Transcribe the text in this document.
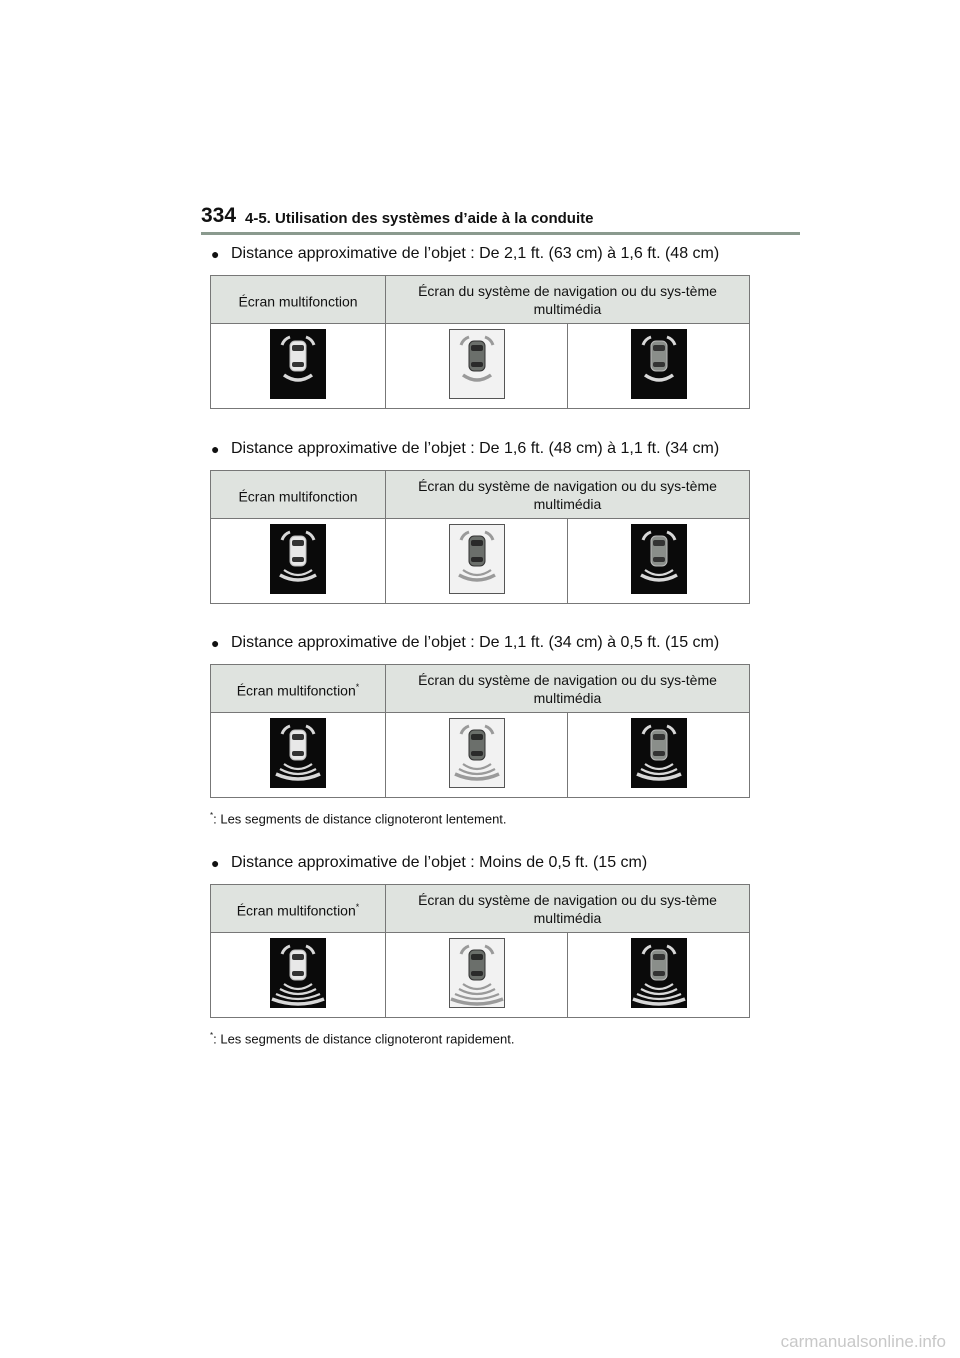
334 4-5. Utilisation des systèmes d’aide à la conduite
● Distance approximative de l’objet : De 2,1 ft. (63 cm) à 1,6 ft. (48 cm)
Écran multifonction	Écran du système de navigation ou du sys-tème multimédia	

● Distance approximative de l’objet : De 1,6 ft. (48 cm) à 1,1 ft. (34 cm)
Écran multifonction	Écran du système de navigation ou du sys-tème multimédia	

● Distance approximative de l’objet : De 1,1 ft. (34 cm) à 0,5 ft. (15 cm)
Écran multifonction*	Écran du système de navigation ou du sys-tème multimédia	

*: Les segments de distance clignoteront lentement.
● Distance approximative de l’objet : Moins de 0,5 ft. (15 cm)
Écran multifonction*	Écran du système de navigation ou du sys-tème multimédia	

*: Les segments de distance clignoteront rapidement.
carmanualsonline.info
